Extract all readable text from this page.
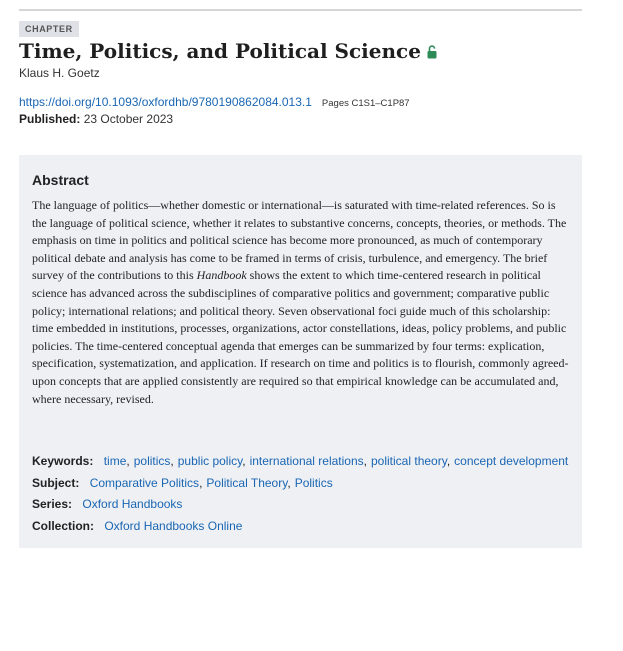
CHAPTER
Time, Politics, and Political Science
Klaus H. Goetz
https://doi.org/10.1093/oxfordhb/9780190862084.013.1 Pages C1S1–C1P87
Published: 23 October 2023
Abstract
The language of politics—whether domestic or international—is saturated with time-related references. So is the language of political science, whether it relates to substantive concerns, concepts, theories, or methods. The emphasis on time in politics and political science has become more pronounced, as much of contemporary political debate and analysis has come to be framed in terms of crisis, turbulence, and emergency. The brief survey of the contributions to this Handbook shows the extent to which time-centered research in political science has advanced across the subdisciplines of comparative politics and government; comparative public policy; international relations; and political theory. Seven observational foci guide much of this scholarship: time embedded in institutions, processes, organizations, actor constellations, ideas, policy problems, and public policies. The time-centered conceptual agenda that emerges can be summarized by four terms: explication, specification, systematization, and application. If research on time and politics is to flourish, commonly agreed-upon concepts that are applied consistently are required so that empirical knowledge can be accumulated and, where necessary, revised.
Keywords: time, politics, public policy, international relations, political theory, concept development
Subject: Comparative Politics, Political Theory, Politics
Series: Oxford Handbooks
Collection: Oxford Handbooks Online
